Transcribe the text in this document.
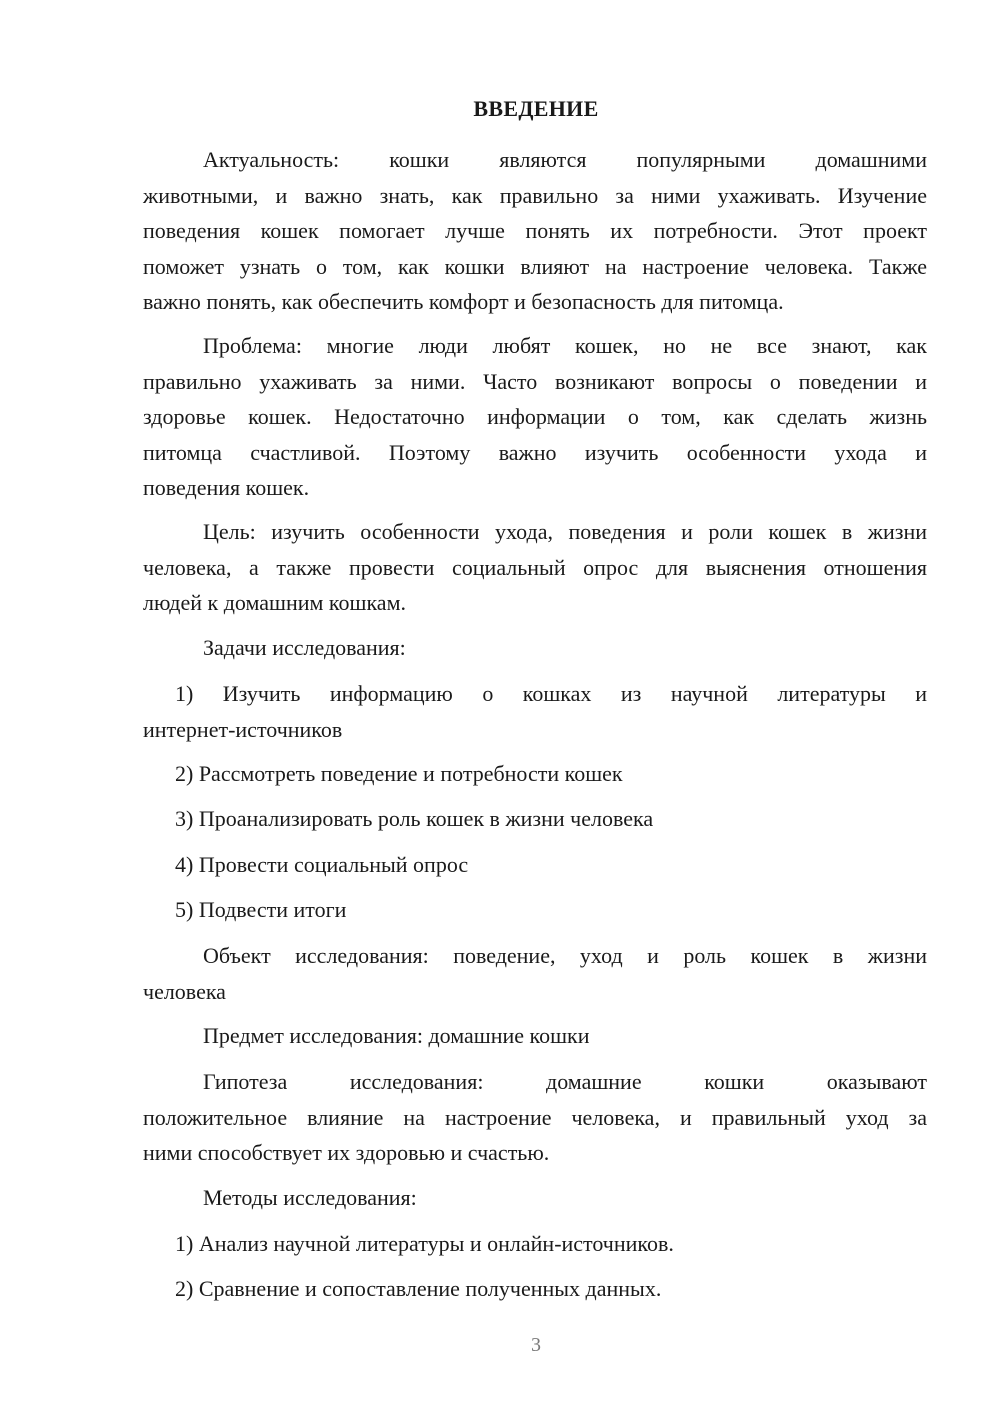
ВВЕДЕНИЕ
Актуальность: кошки являются популярными домашними
животными, и важно знать, как правильно за ними ухаживать. Изучение
поведения кошек помогает лучше понять их потребности. Этот проект
поможет узнать о том, как кошки влияют на настроение человека. Также
важно понять, как обеспечить комфорт и безопасность для питомца.
Проблема: многие люди любят кошек, но не все знают, как
правильно ухаживать за ними. Часто возникают вопросы о поведении и
здоровье кошек. Недостаточно информации о том, как сделать жизнь
питомца счастливой. Поэтому важно изучить особенности ухода и
поведения кошек.
Цель: изучить особенности ухода, поведения и роли кошек в жизни
человека, а также провести социальный опрос для выяснения отношения
людей к домашним кошкам.
Задачи исследования:
1) Изучить информацию о кошках из научной литературы и
интернет-источников
2) Рассмотреть поведение и потребности кошек
3) Проанализировать роль кошек в жизни человека
4) Провести социальный опрос
5) Подвести итоги
Объект исследования: поведение, уход и роль кошек в жизни
человека
Предмет исследования: домашние кошки
Гипотеза исследования: домашние кошки оказывают
положительное влияние на настроение человека, и правильный уход за
ними способствует их здоровью и счастью.
Методы исследования:
1) Анализ научной литературы и онлайн-источников.
2) Сравнение и сопоставление полученных данных.
3
